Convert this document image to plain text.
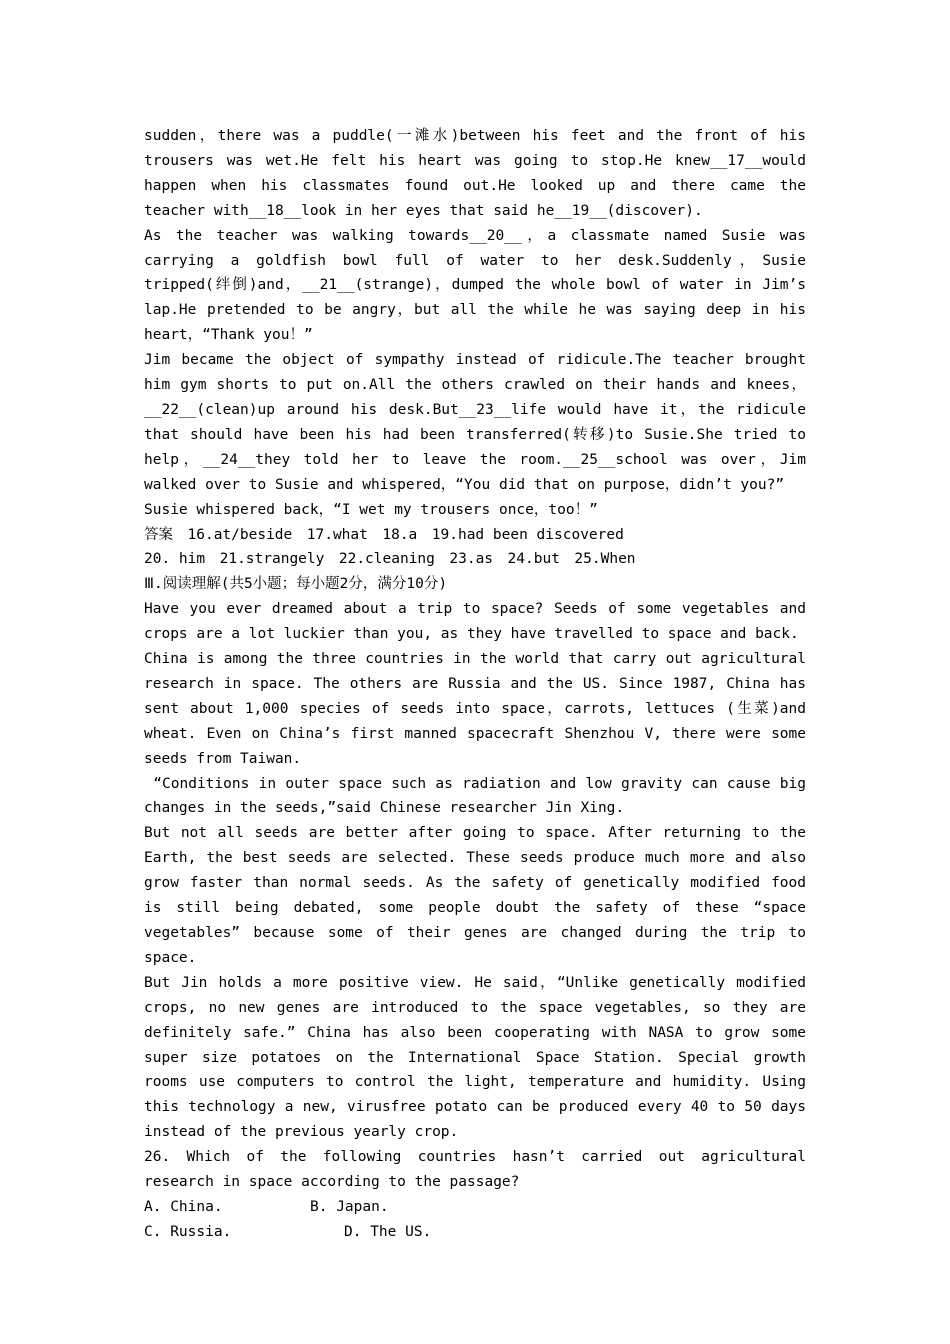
sudden，there was a puddle(一滩水)between his feet and the front of his trousers was wet.He felt his heart was going to stop.He knew__17__would happen when his classmates found out.He looked up and there came the teacher with__18__look in her eyes that said he__19__(discover).

As the teacher was walking towards__20__，a classmate named Susie was carrying a goldfish bowl full of water to her desk.Suddenly，Susie tripped(绊倒)and，__21__(strange)，dumped the whole bowl of water in Jim’s lap.He pretended to be angry，but all the while he was saying deep in his heart，“Thank you！”

Jim became the object of sympathy instead of ridicule.The teacher brought him gym shorts to put on.All the others crawled on their hands and knees，__22__(clean)up around his desk.But__23__life would have it，the ridicule that should have been his had been transferred(转移)to Susie.She tried to help，__24__they told her to leave the room.__25__school was over，Jim walked over to Susie and whispered，“You did that on purpose，didn’t you?”

Susie whispered back，“I wet my trousers once，too！”

答案　16.at/beside　17.what　18.a　19.had been discovered

20. him　21.strangely　22.cleaning　23.as　24.but　25.When

Ⅲ.阅读理解(共5小题；每小题2分，满分10分)

Have you ever dreamed about a trip to space? Seeds of some vegetables and crops are a lot luckier than you, as they have travelled to space and back.

China is among the three countries in the world that carry out agricultural research in space. The others are Russia and the US. Since 1987, China has sent about 1,000 species of seeds into space，carrots, lettuces (生菜)and wheat. Even on China’s first manned spacecraft Shenzhou V, there were some seeds from Taiwan.

“Conditions in outer space such as radiation and low gravity can cause big changes in the seeds,”said Chinese researcher Jin Xing.

But not all seeds are better after going to space. After returning to the Earth, the best seeds are selected. These seeds produce much more and also grow faster than normal seeds. As the safety of genetically modified food is still being debated, some people doubt the safety of these “space vegetables” because some of their genes are changed during the trip to space.

But Jin holds a more positive view. He said，“Unlike genetically modified crops, no new genes are introduced to the space vegetables, so they are definitely safe.” China has also been cooperating with NASA to grow some super size potatoes on the International Space Station. Special growth rooms use computers to control the light, temperature and humidity. Using this technology a new, virusfree potato can be produced every 40 to 50 days instead of the previous yearly crop.

26. Which of the following countries hasn’t carried out agricultural research in space according to the passage?

A. China.	B. Japan.
C. Russia.	D. The US.
